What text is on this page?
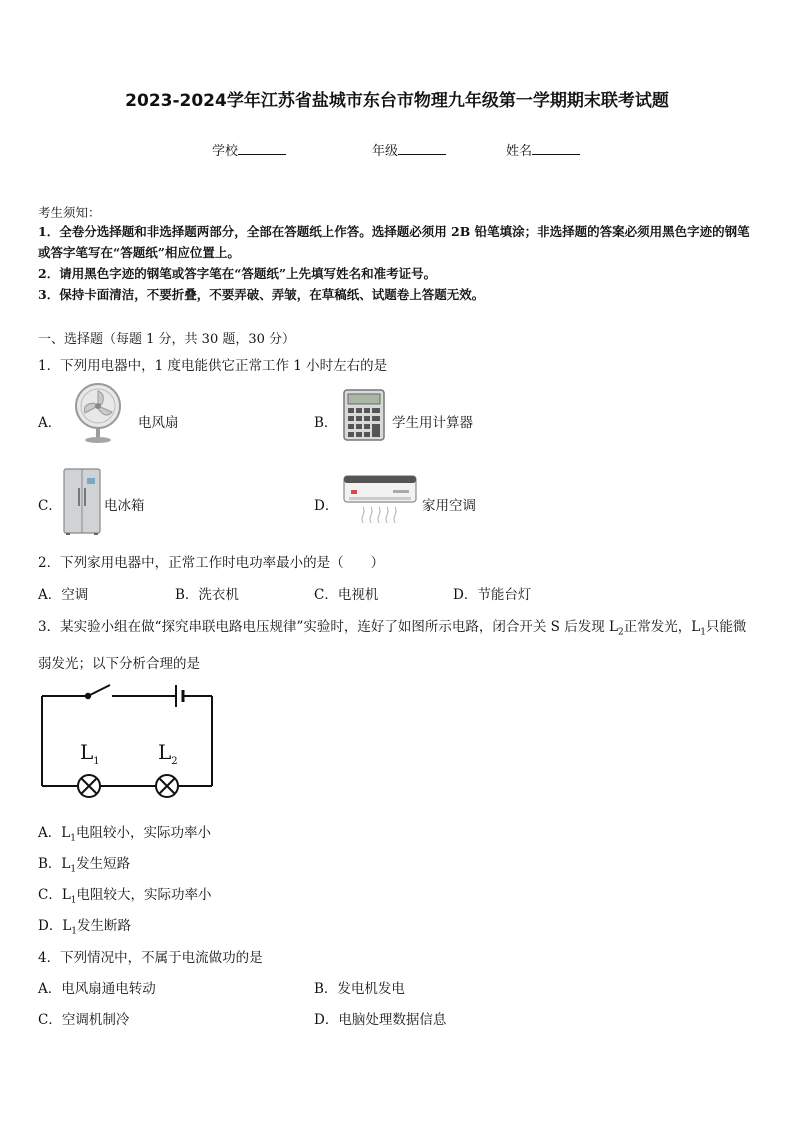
2023-2024学年江苏省盐城市东台市物理九年级第一学期期末联考试题
学校	年级	姓名
考生须知：
1．全卷分选择题和非选择题两部分，全部在答题纸上作答。选择题必须用 2B 铅笔填涂；非选择题的答案必须用黑色字迹的钢笔或答字笔写在“答题纸”相应位置上。
2．请用黑色字迹的钢笔或答字笔在“答题纸”上先填写姓名和准考证号。
3．保持卡面清洁，不要折叠，不要弄破、弄皱，在草稿纸、试题卷上答题无效。
一、选择题（每题 1 分，共 30 题，30 分）
1．下列用电器中，1 度电能供它正常工作 1 小时左右的是
A．	电风扇	B．	学生用计算器
C．	电冰箱	D．	家用空调
2．下列家用电器中，正常工作时电功率最小的是（　　）
A．空调	B．洗衣机	C．电视机	D．节能台灯
3．某实验小组在做“探究串联电路电压规律”实验时，连好了如图所示电路，闭合开关 S 后发现 $L_2$正常发光，$L_1$只能微弱发光；以下分析合理的是
$L_1$	$L_2$
A．$L_1$电阻较小，实际功率小
B．$L_1$发生短路
C．$L_1$电阻较大，实际功率小
D．$L_1$发生断路
4．下列情况中，不属于电流做功的是
A．电风扇通电转动	B．发电机发电
C．空调机制冷	D．电脑处理数据信息
